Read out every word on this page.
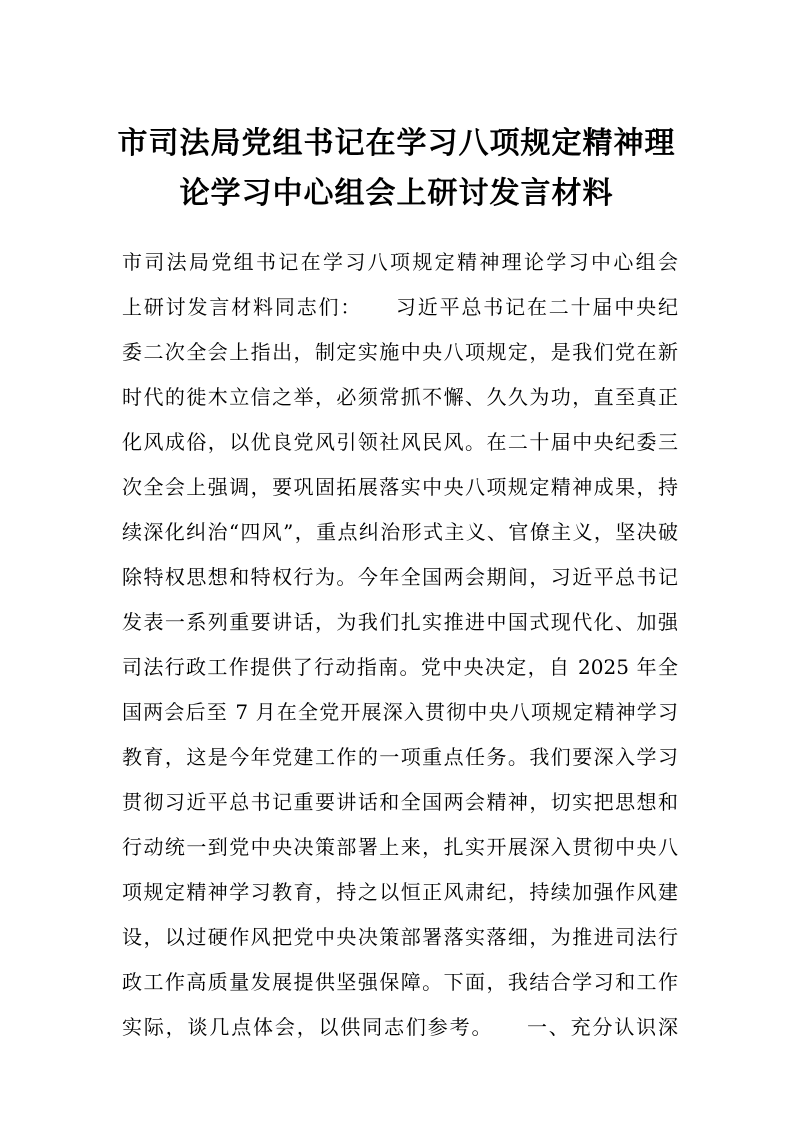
市司法局党组书记在学习八项规定精神理
论学习中心组会上研讨发言材料
市司法局党组书记在学习八项规定精神理论学习中心组会
上研讨发言材料同志们：　　习近平总书记在二十届中央纪
委二次全会上指出，制定实施中央八项规定，是我们党在新
时代的徙木立信之举，必须常抓不懈、久久为功，直至真正
化风成俗，以优良党风引领社风民风。在二十届中央纪委三
次全会上强调，要巩固拓展落实中央八项规定精神成果，持
续深化纠治“四风”，重点纠治形式主义、官僚主义，坚决破
除特权思想和特权行为。今年全国两会期间，习近平总书记
发表一系列重要讲话，为我们扎实推进中国式现代化、加强
司法行政工作提供了行动指南。党中央决定，自 2025 年全
国两会后至 7 月在全党开展深入贯彻中央八项规定精神学习
教育，这是今年党建工作的一项重点任务。我们要深入学习
贯彻习近平总书记重要讲话和全国两会精神，切实把思想和
行动统一到党中央决策部署上来，扎实开展深入贯彻中央八
项规定精神学习教育，持之以恒正风肃纪，持续加强作风建
设，以过硬作风把党中央决策部署落实落细，为推进司法行
政工作高质量发展提供坚强保障。下面，我结合学习和工作
实际，谈几点体会，以供同志们参考。　　一、充分认识深
